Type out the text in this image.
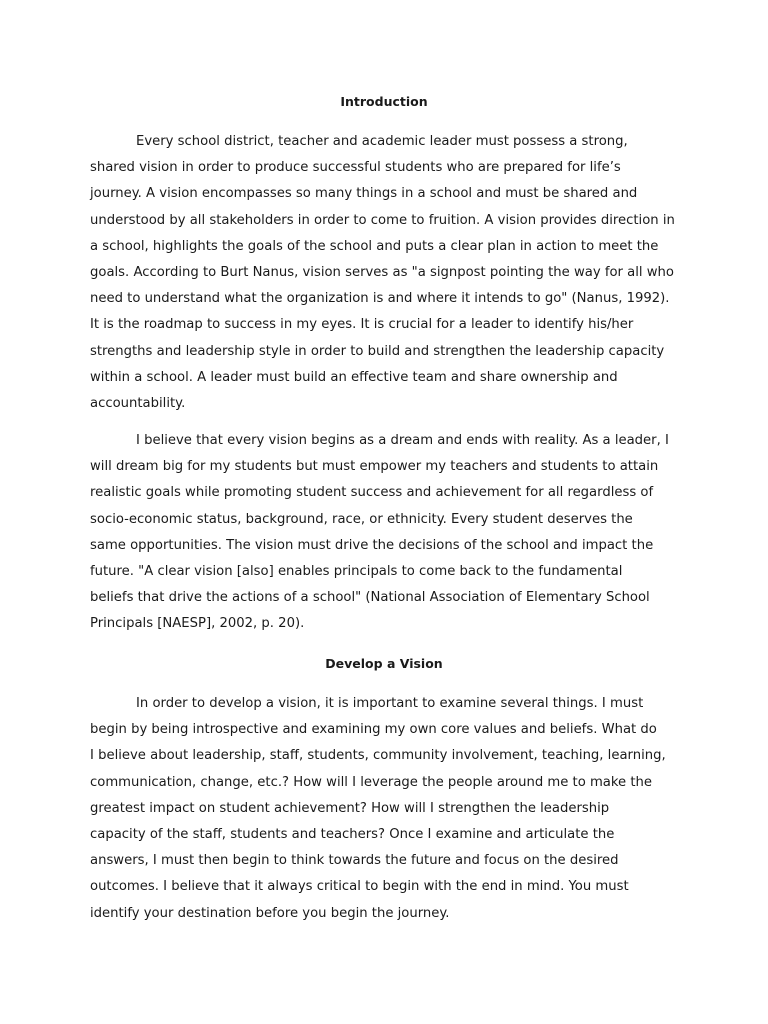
Introduction
Every school district, teacher and academic leader must possess a strong,
shared vision in order to produce successful students who are prepared for life’s
journey. A vision encompasses so many things in a school and must be shared and
understood by all stakeholders in order to come to fruition. A vision provides direction in
a school, highlights the goals of the school and puts a clear plan in action to meet the
goals. According to Burt Nanus, vision serves as "a signpost pointing the way for all who
need to understand what the organization is and where it intends to go" (Nanus, 1992).
It is the roadmap to success in my eyes. It is crucial for a leader to identify his/her
strengths and leadership style in order to build and strengthen the leadership capacity
within a school. A leader must build an effective team and share ownership and
accountability.
I believe that every vision begins as a dream and ends with reality. As a leader, I
will dream big for my students but must empower my teachers and students to attain
realistic goals while promoting student success and achievement for all regardless of
socio-economic status, background, race, or ethnicity. Every student deserves the
same opportunities. The vision must drive the decisions of the school and impact the
future. "A clear vision [also] enables principals to come back to the fundamental
beliefs that drive the actions of a school" (National Association of Elementary School
Principals [NAESP], 2002, p. 20).
Develop a Vision
In order to develop a vision, it is important to examine several things. I must
begin by being introspective and examining my own core values and beliefs. What do
I believe about leadership, staff, students, community involvement, teaching, learning,
communication, change, etc.? How will I leverage the people around me to make the
greatest impact on student achievement? How will I strengthen the leadership
capacity of the staff, students and teachers? Once I examine and articulate the
answers, I must then begin to think towards the future and focus on the desired
outcomes. I believe that it always critical to begin with the end in mind. You must
identify your destination before you begin the journey.
